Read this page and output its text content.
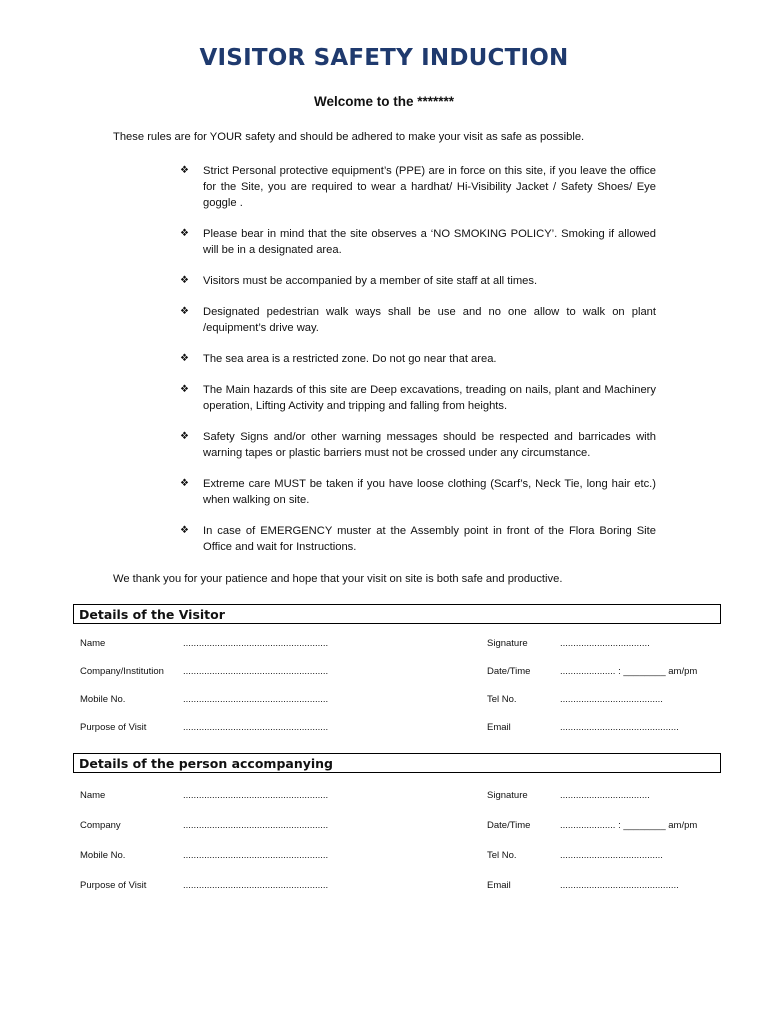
VISITOR SAFETY INDUCTION
Welcome to the *******
These rules are for YOUR safety and should be adhered to make your visit as safe as possible.
❖ Strict Personal protective equipment’s (PPE) are in force on this site, if you leave the office for the Site, you are required to wear a hardhat/ Hi-Visibility Jacket / Safety Shoes/ Eye goggle .
❖ Please bear in mind that the site observes a ‘NO SMOKING POLICY’. Smoking if allowed will be in a designated area.
❖ Visitors must be accompanied by a member of site staff at all times.
❖ Designated pedestrian walk ways shall be use and no one allow to walk on plant /equipment’s drive way.
❖ The sea area is a restricted zone. Do not go near that area.
❖ The Main hazards of this site are Deep excavations, treading on nails, plant and Machinery operation, Lifting Activity and tripping and falling from heights.
❖ Safety Signs and/or other warning messages should be respected and barricades with warning tapes or plastic barriers must not be crossed under any circumstance.
❖ Extreme care MUST be taken if you have loose clothing (Scarf’s, Neck Tie, long hair etc.) when walking on site.
❖ In case of EMERGENCY muster at the Assembly point in front of the Flora Boring Site Office and wait for Instructions.
We thank you for your patience and hope that your visit on site is both safe and productive.
Details of the Visitor
Name	.......................................................	Signature	..................................
Company/Institution .......................................................	Date/Time	..................... : ________ am/pm
Mobile No.	.......................................................	Tel No.	.......................................
Purpose of Visit	.......................................................	Email	.............................................
Details of the person accompanying
Name	.......................................................	Signature	..................................
Company	.......................................................	Date/Time	..................... : ________ am/pm
Mobile No.	.......................................................	Tel No.	.......................................
Purpose of Visit	.......................................................	Email	.............................................
